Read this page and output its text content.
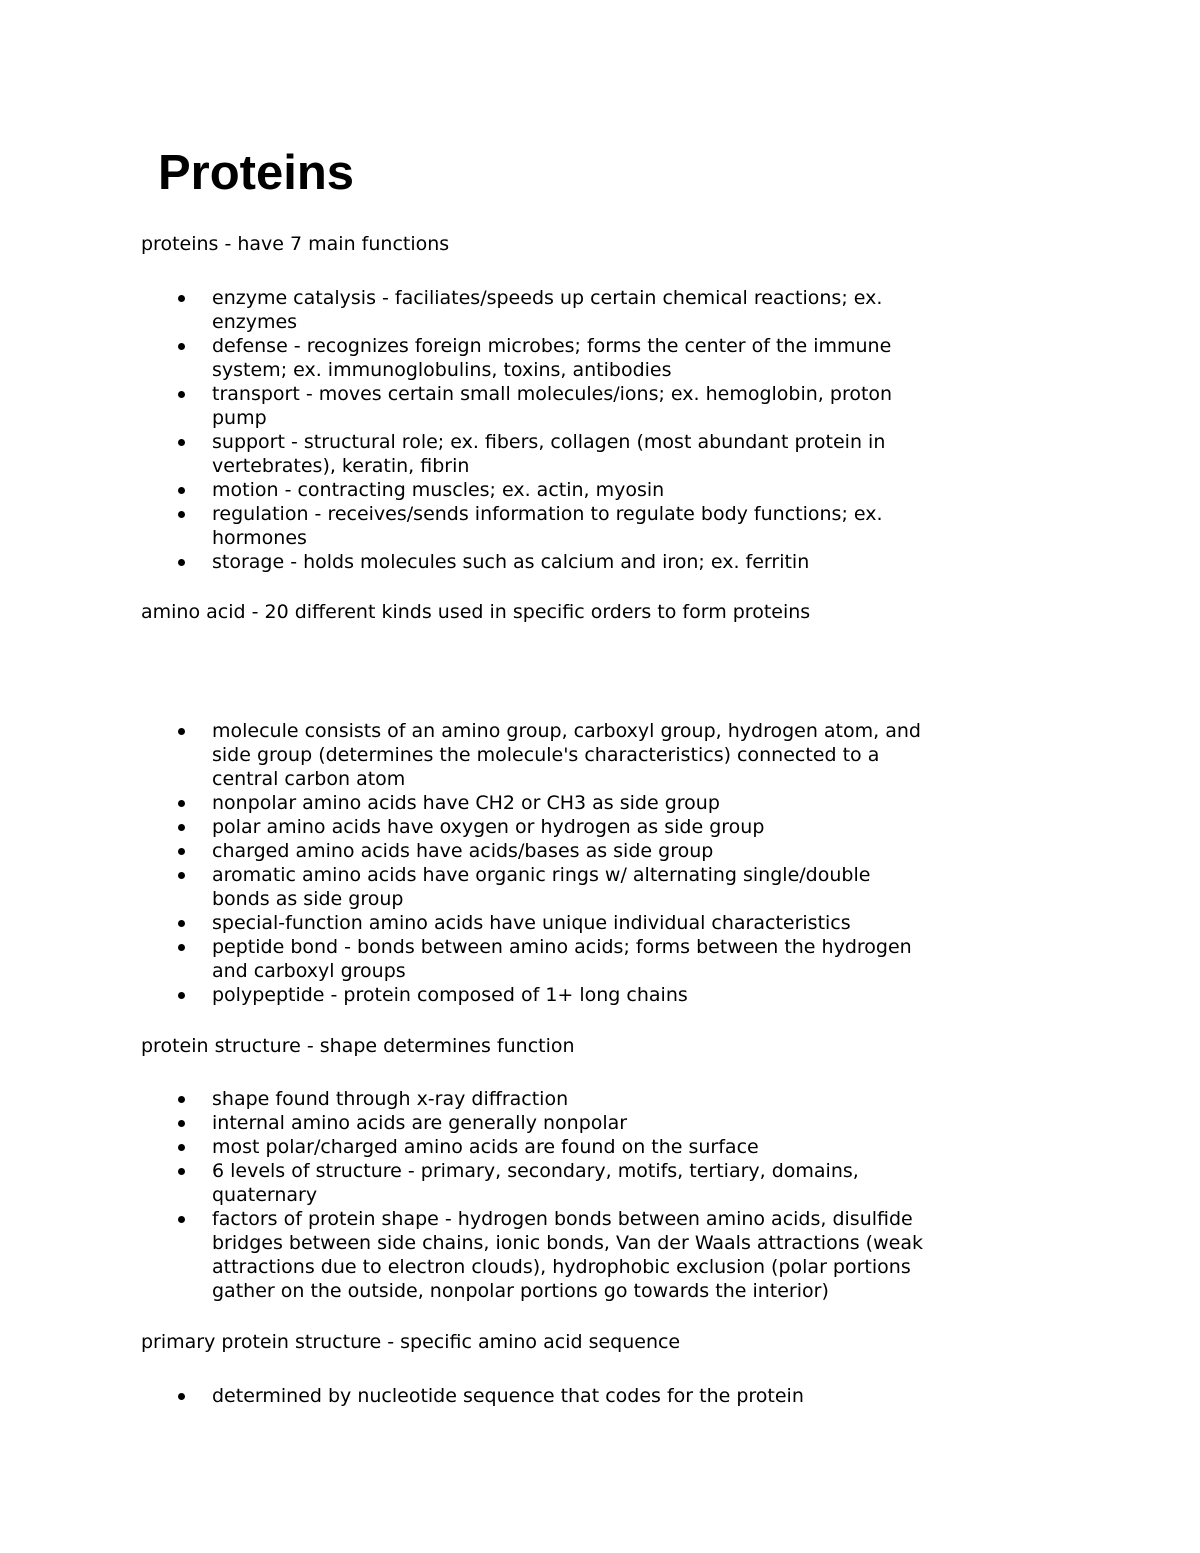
Proteins

proteins - have 7 main functions

enzyme catalysis - faciliates/speeds up certain chemical reactions; ex.
enzymes
defense - recognizes foreign microbes; forms the center of the immune
system; ex. immunoglobulins, toxins, antibodies
transport - moves certain small molecules/ions; ex. hemoglobin, proton
pump
support - structural role; ex. fibers, collagen (most abundant protein in
vertebrates), keratin, fibrin
motion - contracting muscles; ex. actin, myosin
regulation - receives/sends information to regulate body functions; ex.
hormones
storage - holds molecules such as calcium and iron; ex. ferritin

amino acid - 20 different kinds used in specific orders to form proteins

molecule consists of an amino group, carboxyl group, hydrogen atom, and
side group (determines the molecule's characteristics) connected to a
central carbon atom
nonpolar amino acids have CH2 or CH3 as side group
polar amino acids have oxygen or hydrogen as side group
charged amino acids have acids/bases as side group
aromatic amino acids have organic rings w/ alternating single/double
bonds as side group
special-function amino acids have unique individual characteristics
peptide bond - bonds between amino acids; forms between the hydrogen
and carboxyl groups
polypeptide - protein composed of 1+ long chains

protein structure - shape determines function

shape found through x-ray diffraction
internal amino acids are generally nonpolar
most polar/charged amino acids are found on the surface
6 levels of structure - primary, secondary, motifs, tertiary, domains,
quaternary
factors of protein shape - hydrogen bonds between amino acids, disulfide
bridges between side chains, ionic bonds, Van der Waals attractions (weak
attractions due to electron clouds), hydrophobic exclusion (polar portions
gather on the outside, nonpolar portions go towards the interior)

primary protein structure - specific amino acid sequence

determined by nucleotide sequence that codes for the protein
